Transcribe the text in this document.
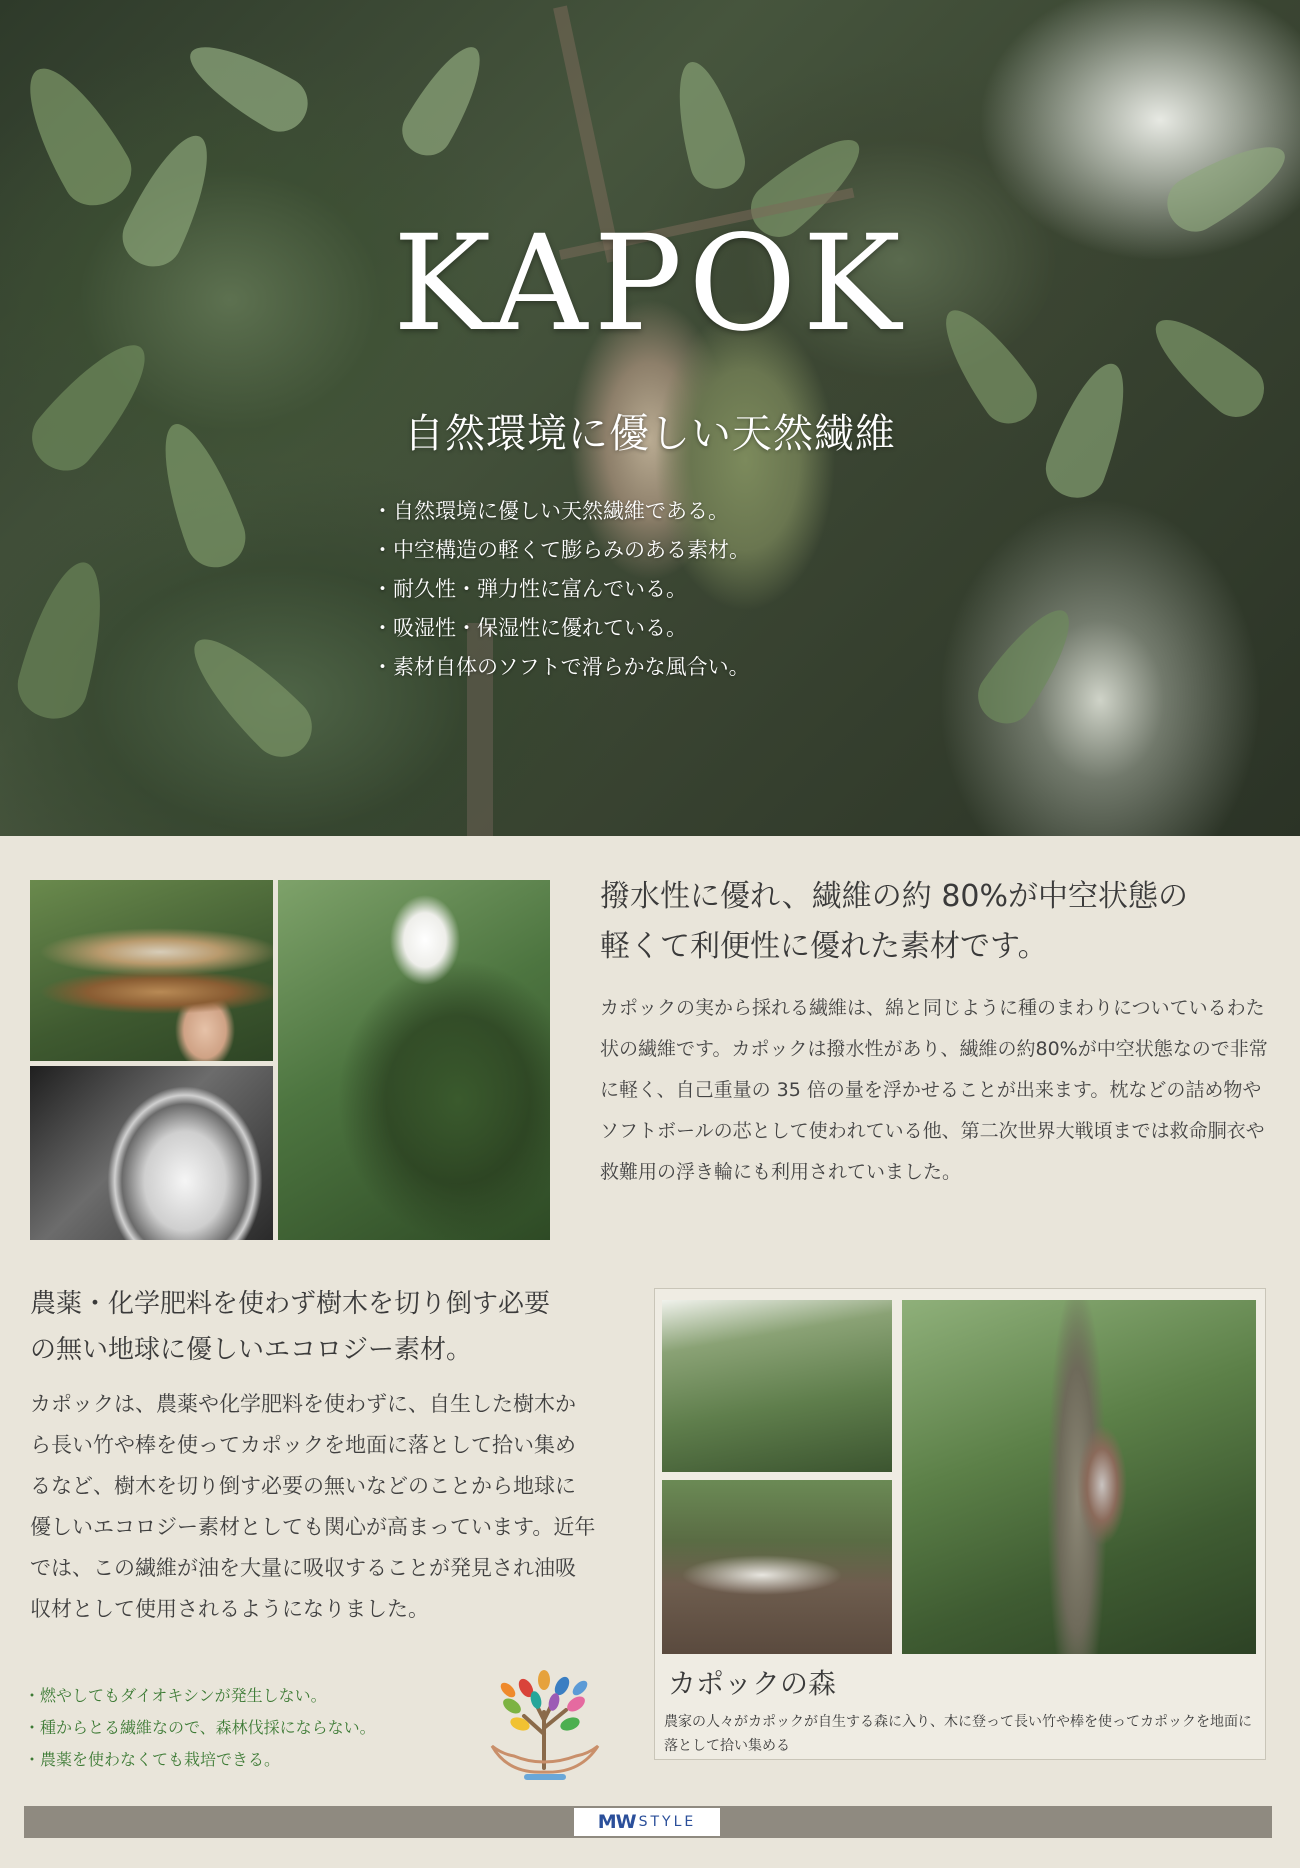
KAPOK
自然環境に優しい天然繊維
・自然環境に優しい天然繊維である。
・中空構造の軽くて膨らみのある素材。
・耐久性・弾力性に富んでいる。
・吸湿性・保湿性に優れている。
・素材自体のソフトで滑らかな風合い。
撥水性に優れ、繊維の約 80%が中空状態の
軽くて利便性に優れた素材です。
カポックの実から採れる繊維は、綿と同じように種のまわりについているわた状の繊維です。カポックは撥水性があり、繊維の約80%が中空状態なので非常に軽く、自己重量の 35 倍の量を浮かせることが出来ます。枕などの詰め物やソフトボールの芯として使われている他、第二次世界大戦頃までは救命胴衣や救難用の浮き輪にも利用されていました。
農薬・化学肥料を使わず樹木を切り倒す必要
の無い地球に優しいエコロジー素材。
カポックは、農薬や化学肥料を使わずに、自生した樹木から長い竹や棒を使ってカポックを地面に落として拾い集めるなど、樹木を切り倒す必要の無いなどのことから地球に優しいエコロジー素材としても関心が高まっています。近年では、この繊維が油を大量に吸収することが発見され油吸収材として使用されるようになりました。
・燃やしてもダイオキシンが発生しない。
・種からとる繊維なので、森林伐採にならない。
・農薬を使わなくても栽培できる。
カポックの森
農家の人々がカポックが自生する森に入り、木に登って長い竹や棒を使ってカポックを地面に落として拾い集める
MW STYLE
